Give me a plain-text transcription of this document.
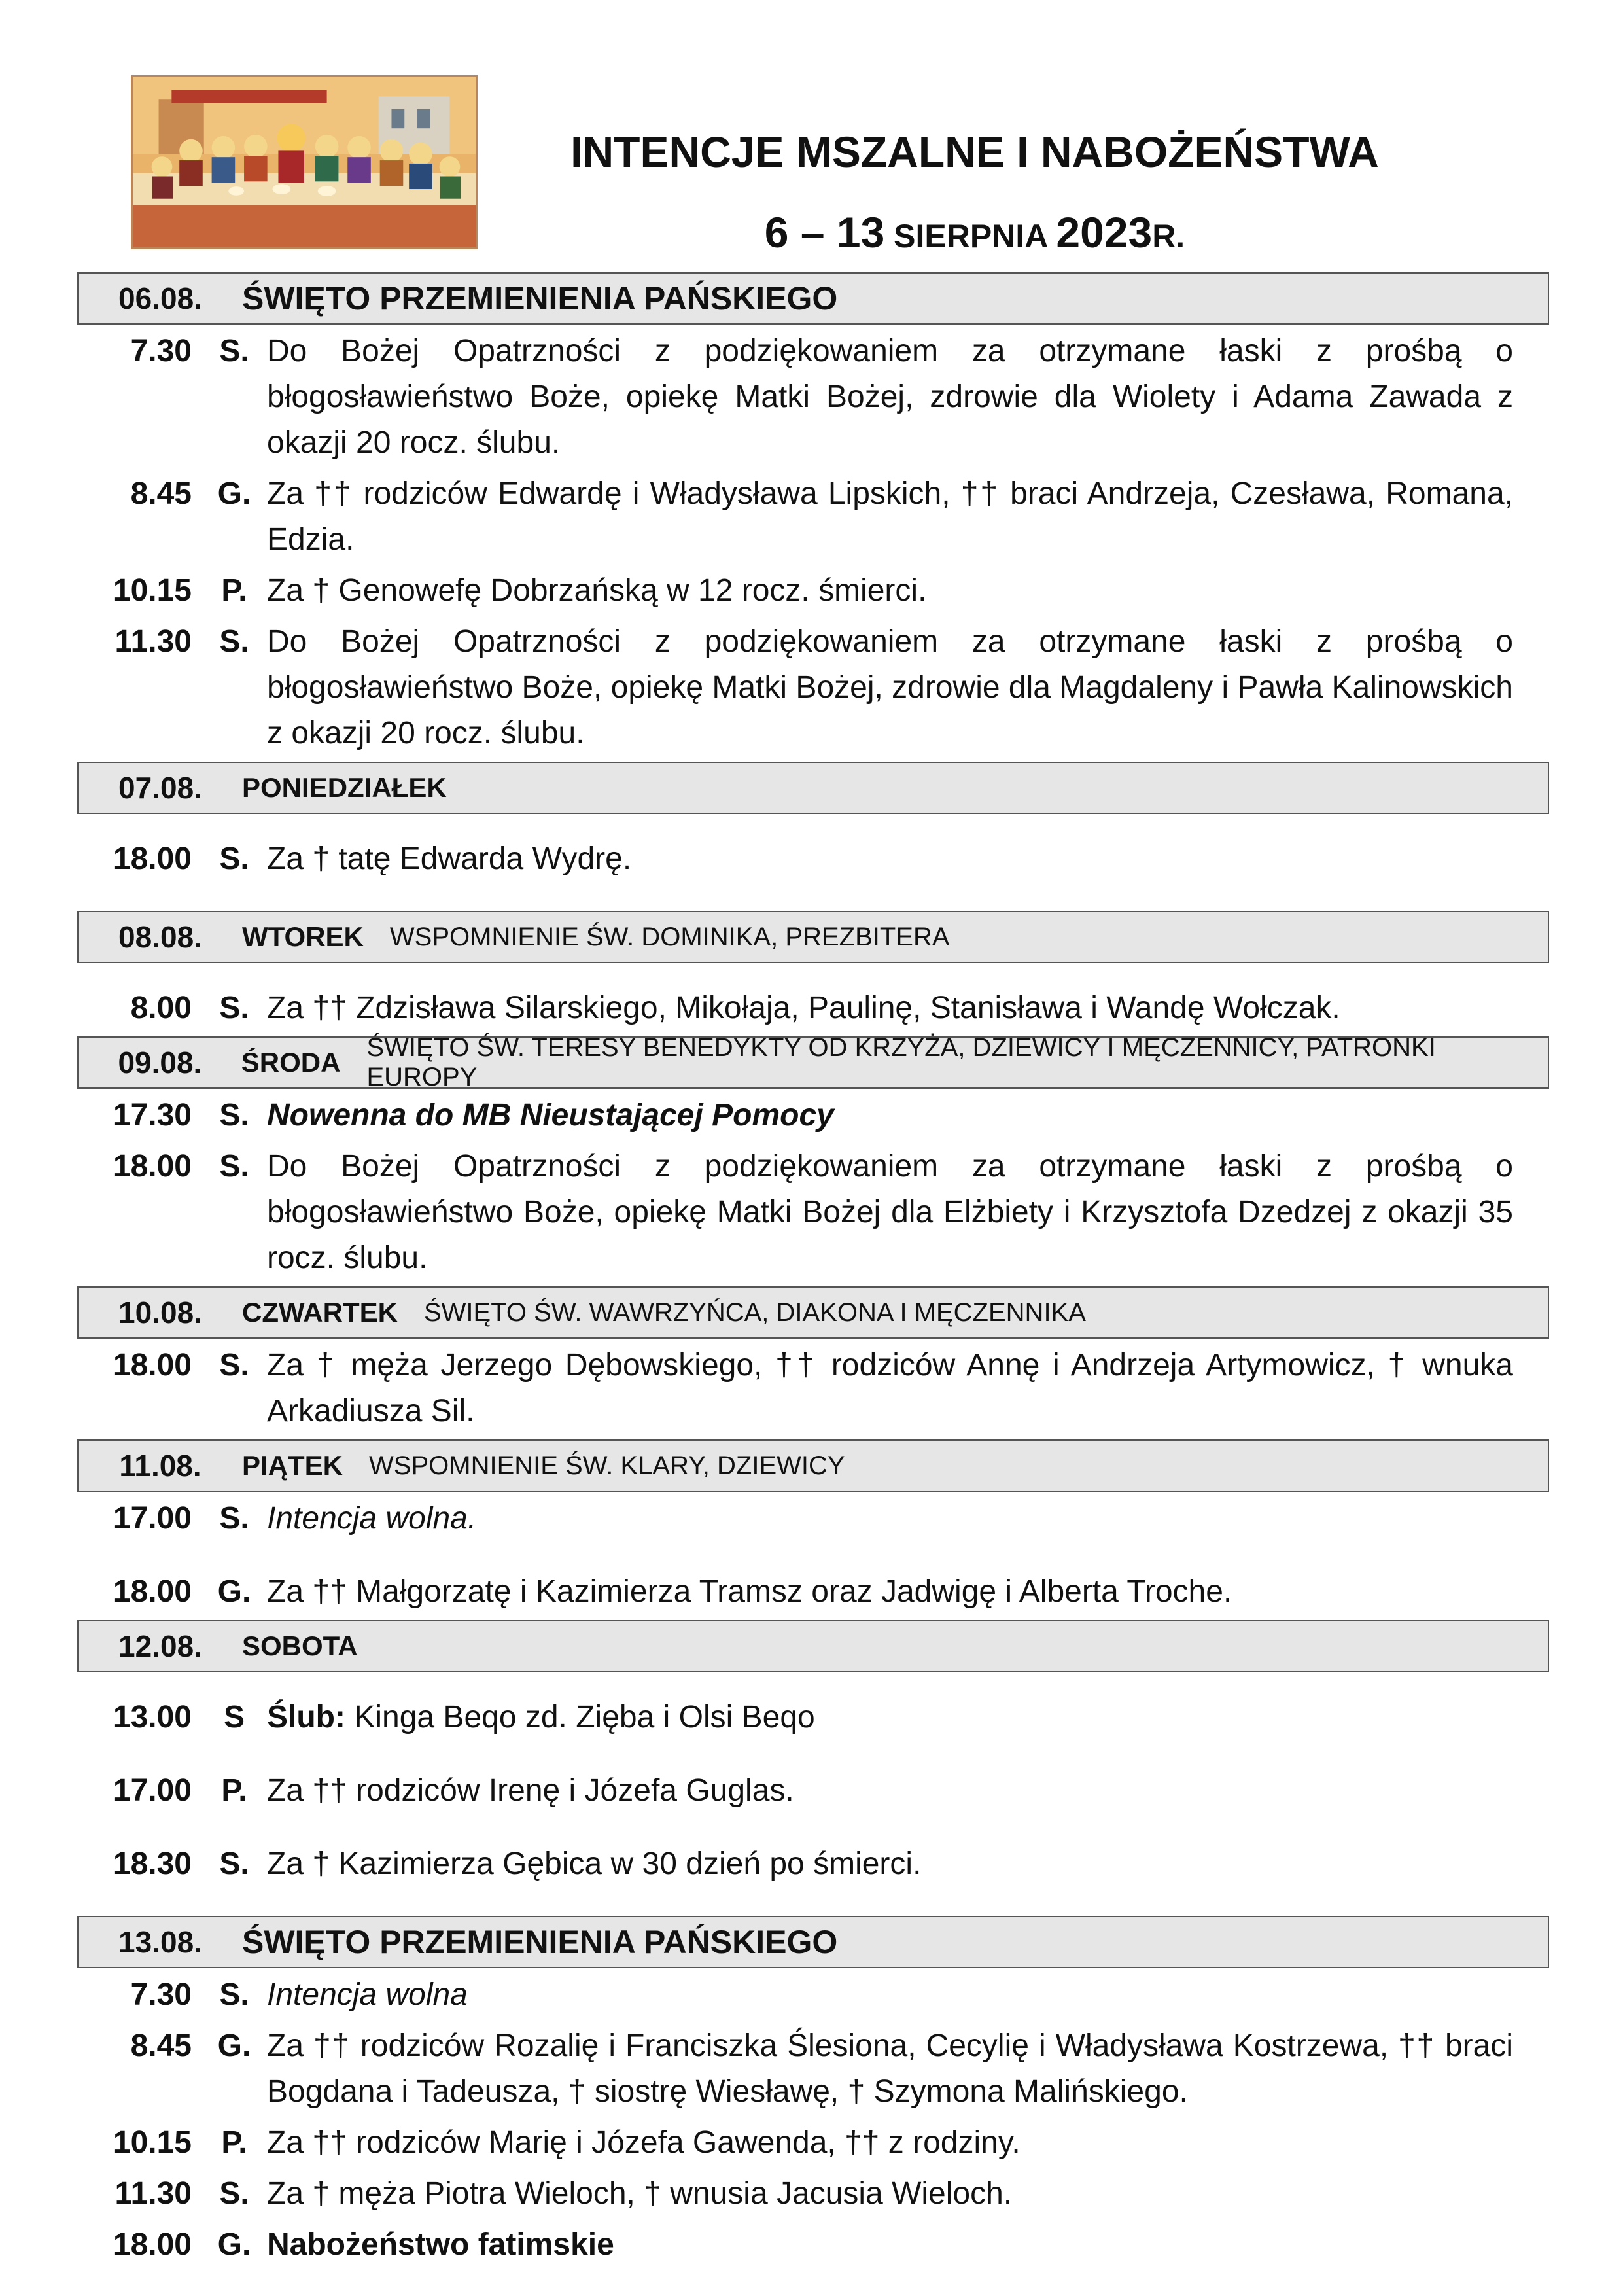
INTENCJE MSZALNE I NABOŻEŃSTWA
6 – 13 SIERPNIA 2023R.
06.08.	ŚWIĘTO PRZEMIENIENIA PAŃSKIEGO
7.30 S. Do Bożej Opatrzności z podziękowaniem za otrzymane łaski z prośbą o błogosławieństwo Boże, opiekę Matki Bożej, zdrowie dla Wiolety i Adama Zawada z okazji 20 rocz. ślubu.
8.45 G. Za †† rodziców Edwardę i Władysława Lipskich, †† braci Andrzeja, Czesława, Romana, Edzia.
10.15 P. Za † Genowefę Dobrzańską w 12 rocz. śmierci.
11.30 S. Do Bożej Opatrzności z podziękowaniem za otrzymane łaski z prośbą o błogosławieństwo Boże, opiekę Matki Bożej, zdrowie dla Magdaleny i Pawła Kalinowskich z okazji 20 rocz. ślubu.
07.08.	PONIEDZIAŁEK
18.00 S. Za † tatę Edwarda Wydrę.
08.08.	WTOREK WSPOMNIENIE ŚW. DOMINIKA, PREZBITERA
8.00 S. Za †† Zdzisława Silarskiego, Mikołaja, Paulinę, Stanisława i Wandę Wołczak.
09.08.	ŚRODA ŚWIĘTO ŚW. TERESY BENEDYKTY OD KRZYŻA, DZIEWICY I MĘCZENNICY, PATRONKI EUROPY
17.30 S. Nowenna do MB Nieustającej Pomocy
18.00 S. Do Bożej Opatrzności z podziękowaniem za otrzymane łaski z prośbą o błogosławieństwo Boże, opiekę Matki Bożej dla Elżbiety i Krzysztofa Dzedzej z okazji 35 rocz. ślubu.
10.08.	CZWARTEK ŚWIĘTO ŚW. WAWRZYŃCA, DIAKONA I MĘCZENNIKA
18.00 S. Za † męża Jerzego Dębowskiego, †† rodziców Annę i Andrzeja Artymowicz, † wnuka Arkadiusza Sil.
11.08.	PIĄTEK WSPOMNIENIE ŚW. KLARY, DZIEWICY
17.00 S. Intencja wolna.
18.00 G. Za †† Małgorzatę i Kazimierza Tramsz oraz Jadwigę i Alberta Troche.
12.08.	SOBOTA
13.00	S Ślub: Kinga Beqo zd. Zięba i Olsi Beqo
17.00 P. Za †† rodziców Irenę i Józefa Guglas.
18.30 S. Za † Kazimierza Gębica w 30 dzień po śmierci.
13.08.	ŚWIĘTO PRZEMIENIENIA PAŃSKIEGO
7.30 S. Intencja wolna
8.45 G. Za †† rodziców Rozalię i Franciszka Ślesiona, Cecylię i Władysława Kostrzewa, †† braci Bogdana i Tadeusza, † siostrę Wiesławę, † Szymona Malińskiego.
10.15 P. Za †† rodziców Marię i Józefa Gawenda, †† z rodziny.
11.30 S. Za † męża Piotra Wieloch, † wnusia Jacusia Wieloch.
18.00 G. Nabożeństwo fatimskie
